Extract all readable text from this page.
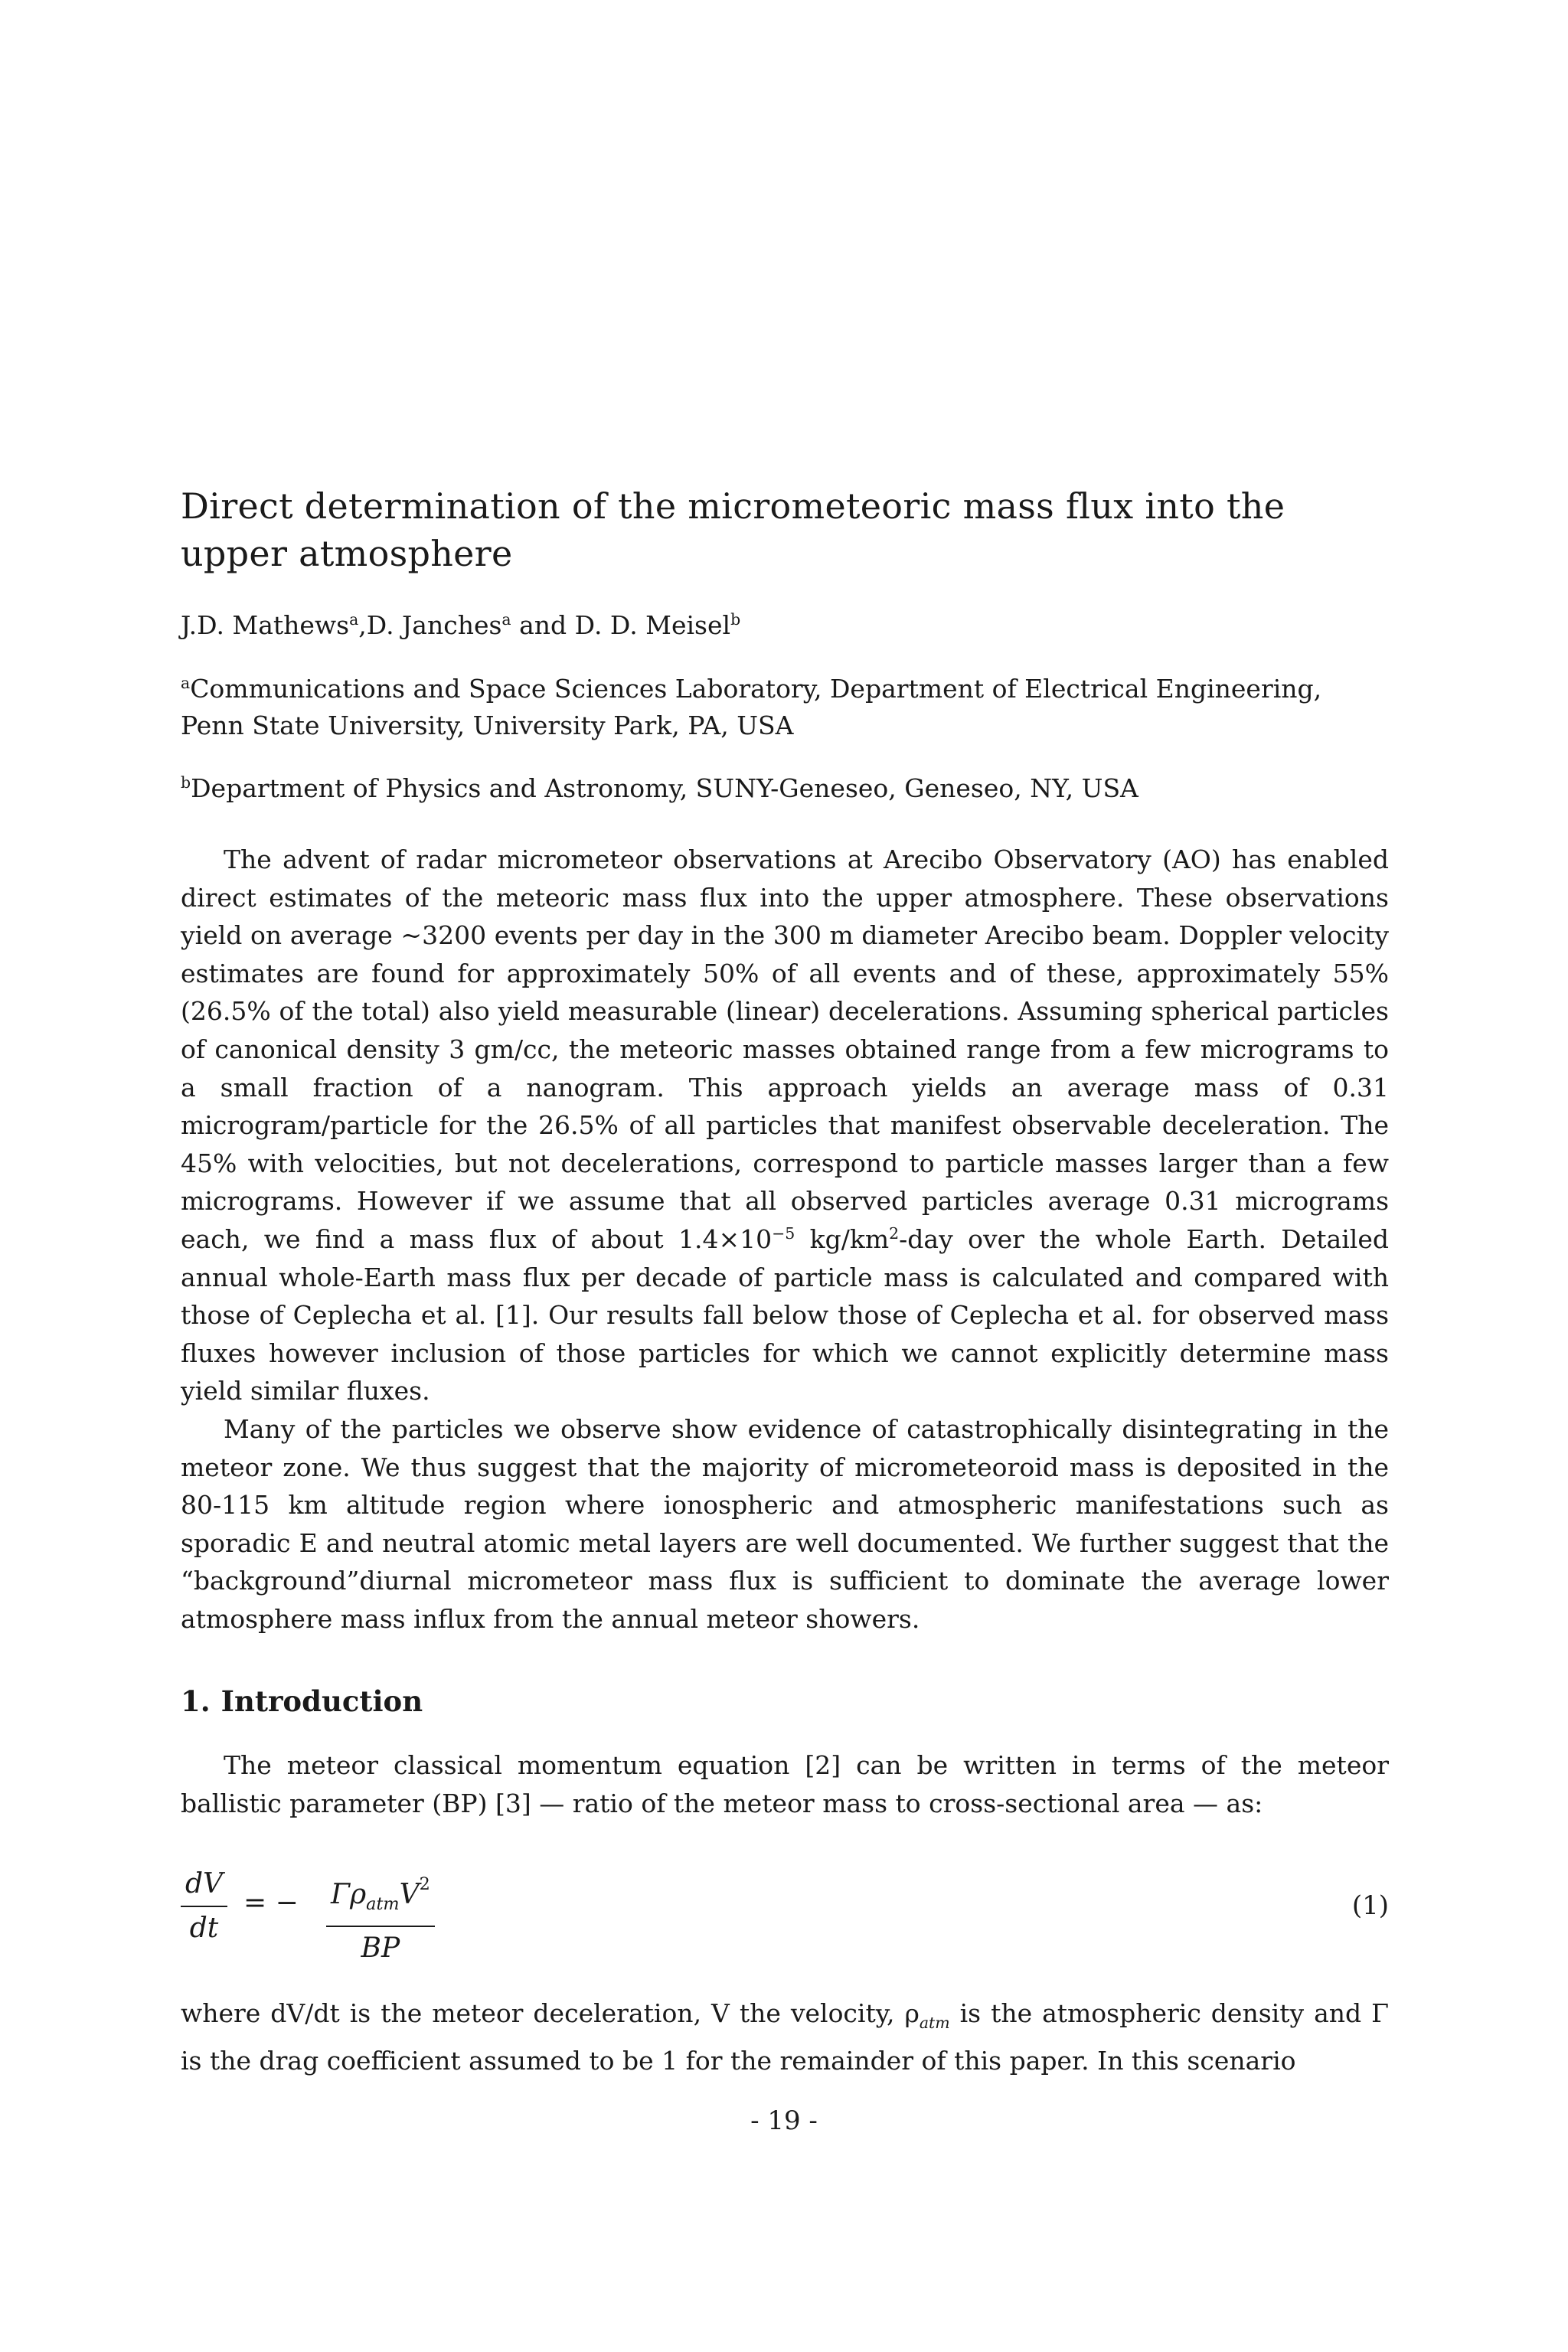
Direct determination of the micrometeoric mass flux into the upper atmosphere
J.D. Mathews$^a$,D. Janches$^a$ and D. D. Meisel$^b$
$^a$Communications and Space Sciences Laboratory, Department of Electrical Engineering, Penn State University, University Park, PA, USA
$^b$Department of Physics and Astronomy, SUNY-Geneseo, Geneseo, NY, USA

The advent of radar micrometeor observations at Arecibo Observatory (AO) has enabled direct estimates of the meteoric mass flux into the upper atmosphere. These observations yield on average ~3200 events per day in the 300 m diameter Arecibo beam. Doppler velocity estimates are found for approximately 50% of all events and of these, approximately 55% (26.5% of the total) also yield measurable (linear) decelerations. Assuming spherical particles of canonical density 3 gm/cc, the meteoric masses obtained range from a few micrograms to a small fraction of a nanogram. This approach yields an average mass of 0.31 microgram/particle for the 26.5% of all particles that manifest observable deceleration. The 45% with velocities, but not decelerations, correspond to particle masses larger than a few micrograms. However if we assume that all observed particles average 0.31 micrograms each, we find a mass flux of about $1.4\times 10^{-5}$ $kg/km^2$-day over the whole Earth. Detailed annual whole-Earth mass flux per decade of particle mass is calculated and compared with those of Ceplecha et al. [1]. Our results fall below those of Ceplecha et al. for observed mass fluxes however inclusion of those particles for which we cannot explicitly determine mass yield similar fluxes.

Many of the particles we observe show evidence of catastrophically disintegrating in the meteor zone. We thus suggest that the majority of micrometeoroid mass is deposited in the 80-115 km altitude region where ionospheric and atmospheric manifestations such as sporadic E and neutral atomic metal layers are well documented. We further suggest that the “background”diurnal micrometeor mass flux is sufficient to dominate the average lower atmosphere mass influx from the annual meteor showers.

1. Introduction

The meteor classical momentum equation [2] can be written in terms of the meteor ballistic parameter (BP) [3] — ratio of the meteor mass to cross-sectional area — as:

dV
dt
= − $\Gamma\rho_{atm}V^2$
BP
(1)

where dV/dt is the meteor deceleration, V the velocity, $\rho_{atm}$ is the atmospheric density and Γ is the drag coefficient assumed to be 1 for the remainder of this paper. In this scenario

- 19 -
